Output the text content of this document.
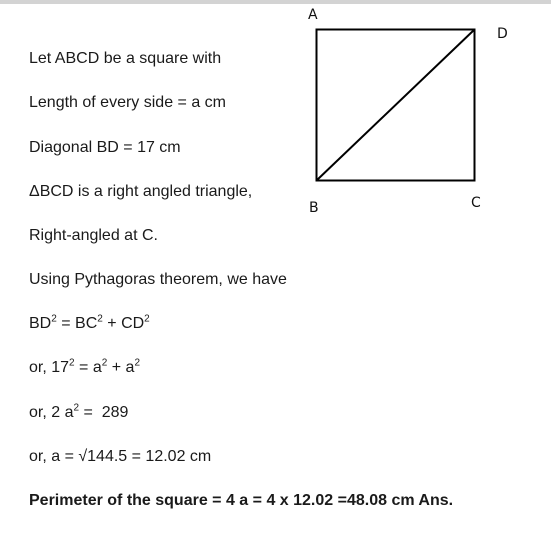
A
D
B	C
Let ABCD be a square with
Length of every side = a cm
Diagonal BD = 17 cm
ΔBCD is a right angled triangle,
Right-angled at C.
Using Pythagoras theorem, we have
$BD^2 = BC^2 + CD^2$
or, $17^2 = a^2 + a^2$
or, 2 $a^2 = 289$
or, a = √144.5 = 12.02 cm
Perimeter of the square = 4 a = 4 x 12.02 =48.08 cm Ans.
